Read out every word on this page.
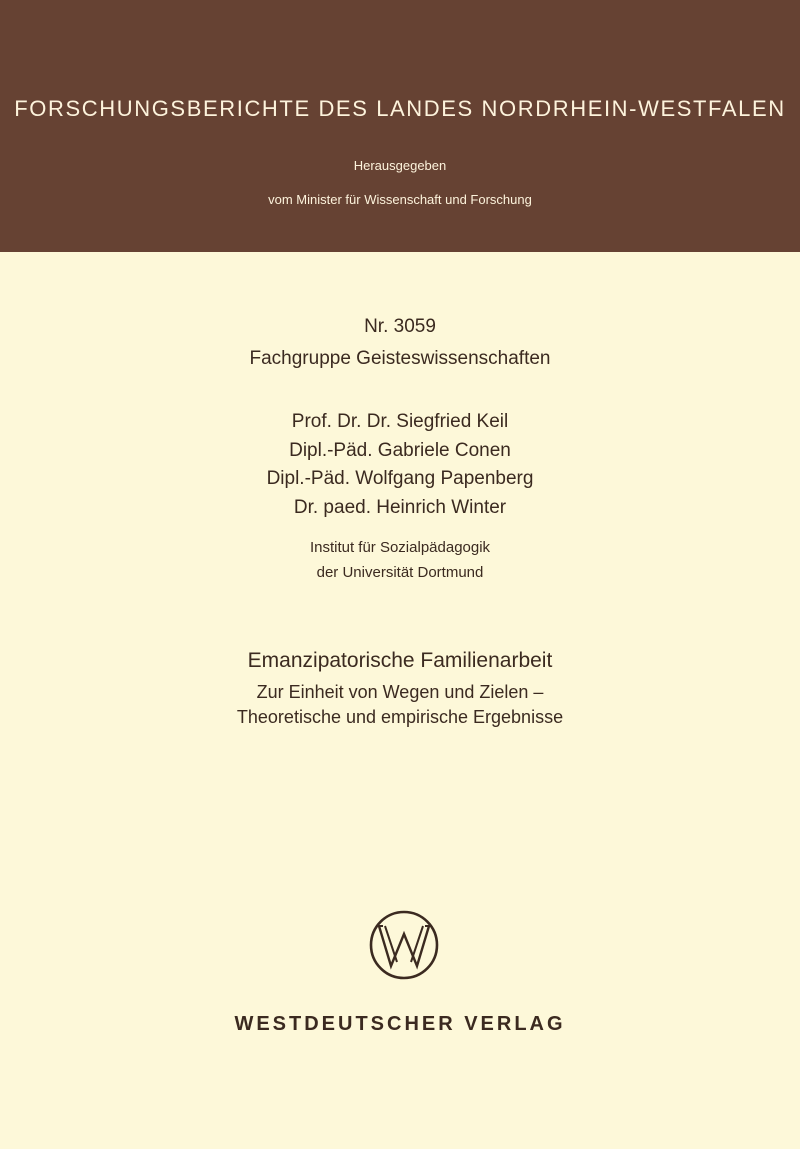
FORSCHUNGSBERICHTE DES LANDES NORDRHEIN-WESTFALEN
Herausgegeben
vom Minister für Wissenschaft und Forschung
Nr. 3059
Fachgruppe Geisteswissenschaften
Prof. Dr. Dr. Siegfried Keil
Dipl.-Päd. Gabriele Conen
Dipl.-Päd. Wolfgang Papenberg
Dr. paed. Heinrich Winter
Institut für Sozialpädagogik
der Universität Dortmund
Emanzipatorische Familienarbeit
Zur Einheit von Wegen und Zielen –
Theoretische und empirische Ergebnisse
WESTDEUTSCHER VERLAG
